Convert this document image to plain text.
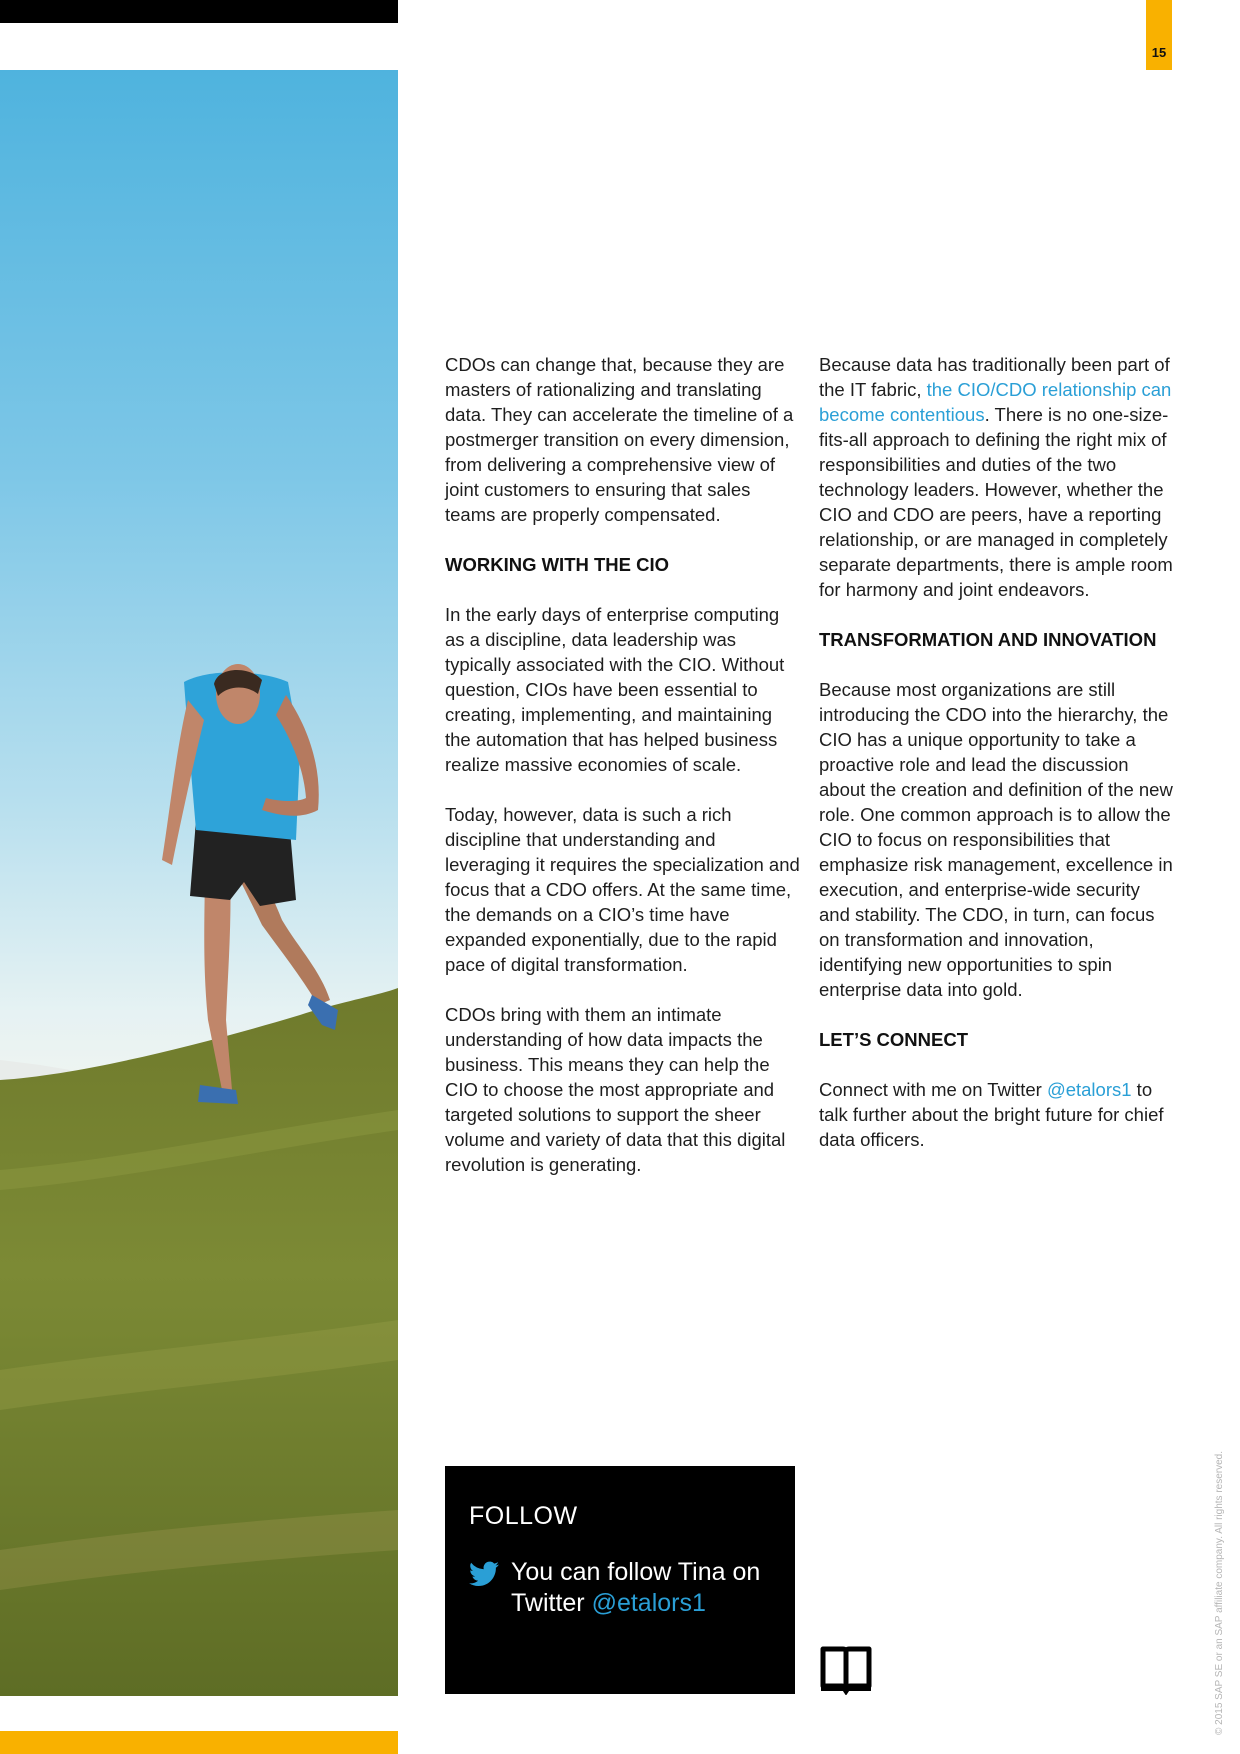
15

CDOs can change that, because they are masters of rationalizing and translating data. They can accelerate the timeline of a postmerger transition on every dimension, from delivering a comprehensive view of joint customers to ensuring that sales teams are properly compensated.

WORKING WITH THE CIO

In the early days of enterprise computing as a discipline, data leadership was typically associated with the CIO. Without question, CIOs have been essential to creating, implementing, and maintaining the automation that has helped business realize massive economies of scale.

Today, however, data is such a rich discipline that understanding and leveraging it requires the specialization and focus that a CDO offers. At the same time, the demands on a CIO’s time have expanded exponentially, due to the rapid pace of digital transformation.

CDOs bring with them an intimate understanding of how data impacts the business. This means they can help the CIO to choose the most appropriate and targeted solutions to support the sheer volume and variety of data that this digital revolution is generating.

Because data has traditionally been part of the IT fabric, the CIO/CDO relationship can become contentious. There is no one-size-fits-all approach to defining the right mix of responsibilities and duties of the two technology leaders. However, whether the CIO and CDO are peers, have a reporting relationship, or are managed in completely separate departments, there is ample room for harmony and joint endeavors.

TRANSFORMATION AND INNOVATION

Because most organizations are still introducing the CDO into the hierarchy, the CIO has a unique opportunity to take a proactive role and lead the discussion about the creation and definition of the new role. One common approach is to allow the CIO to focus on responsibilities that emphasize risk management, excellence in execution, and enterprise-wide security and stability. The CDO, in turn, can focus on transformation and innovation, identifying new opportunities to spin enterprise data into gold.

LET’S CONNECT

Connect with me on Twitter @etalors1 to talk further about the bright future for chief data officers.

FOLLOW
You can follow Tina on Twitter @etalors1	© 2015 SAP SE or an SAP affiliate company. All rights reserved.
